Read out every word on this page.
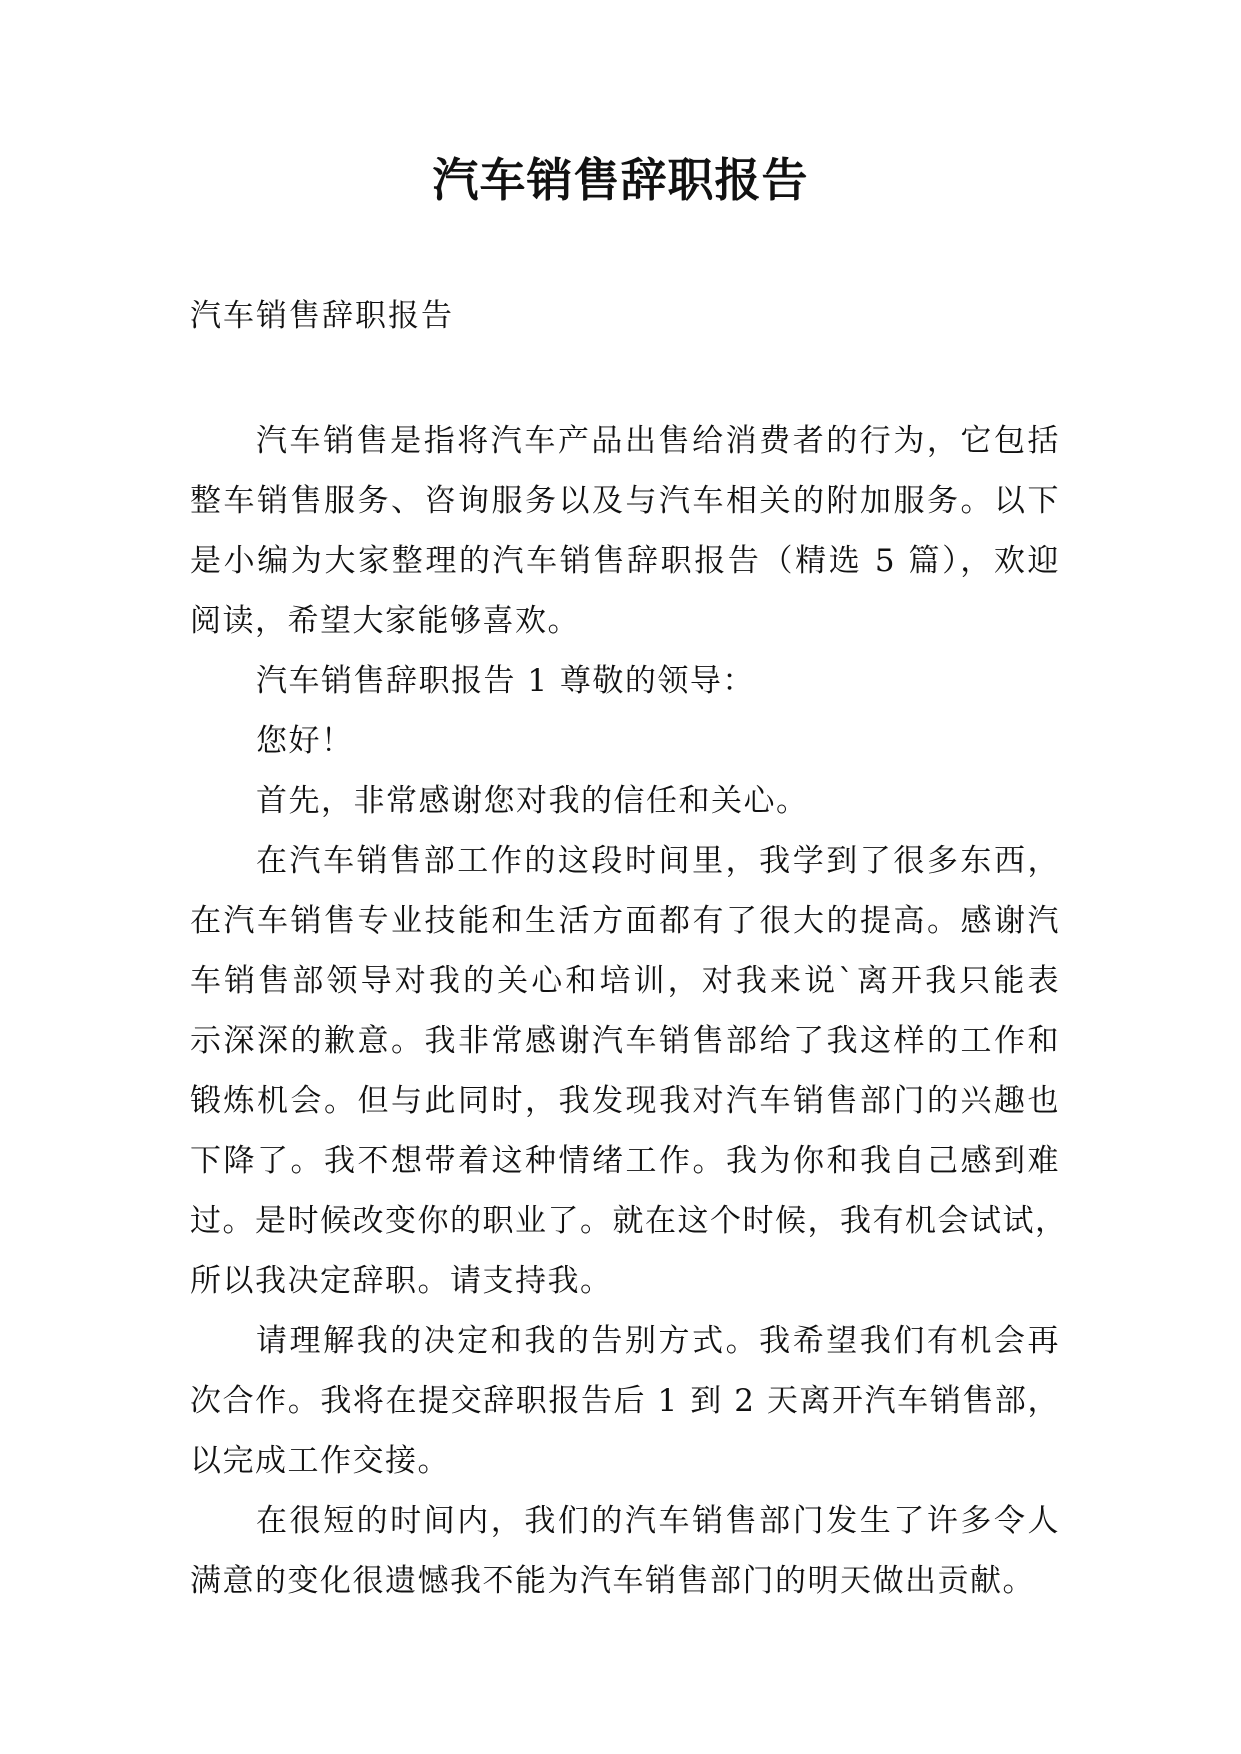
汽车销售辞职报告

汽车销售辞职报告

汽车销售是指将汽车产品出售给消费者的行为，它包括
整车销售服务、咨询服务以及与汽车相关的附加服务。以下
是小编为大家整理的汽车销售辞职报告（精选 5 篇），欢迎
阅读，希望大家能够喜欢。

汽车销售辞职报告 1 尊敬的领导：

您好！

首先，非常感谢您对我的信任和关心。

在汽车销售部工作的这段时间里，我学到了很多东西，
在汽车销售专业技能和生活方面都有了很大的提高。感谢汽
车销售部领导对我的关心和培训，对我来说`离开我只能表
示深深的歉意。我非常感谢汽车销售部给了我这样的工作和
锻炼机会。但与此同时，我发现我对汽车销售部门的兴趣也
下降了。我不想带着这种情绪工作。我为你和我自己感到难
过。是时候改变你的职业了。就在这个时候，我有机会试试，
所以我决定辞职。请支持我。

请理解我的决定和我的告别方式。我希望我们有机会再
次合作。我将在提交辞职报告后 1 到 2 天离开汽车销售部，
以完成工作交接。

在很短的时间内，我们的汽车销售部门发生了许多令人
满意的变化很遗憾我不能为汽车销售部门的明天做出贡献。
